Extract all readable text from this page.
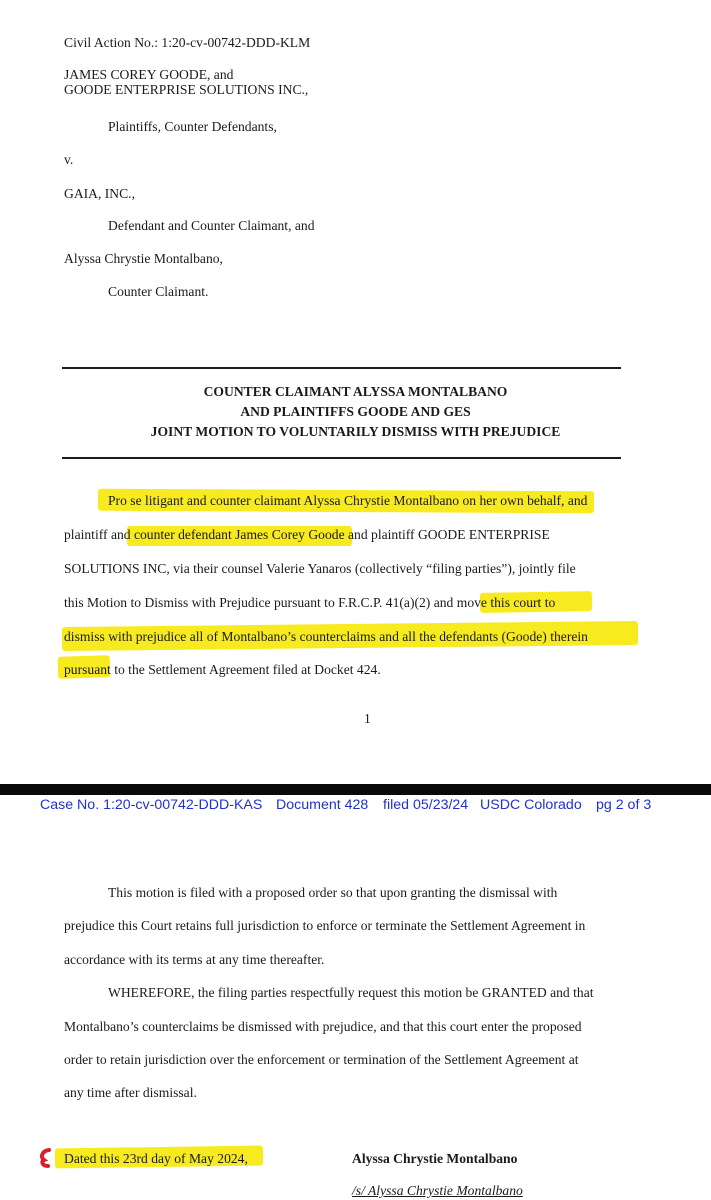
Civil Action No.: 1:20-cv-00742-DDD-KLM
JAMES COREY GOODE, and
GOODE ENTERPRISE SOLUTIONS INC.,
Plaintiffs, Counter Defendants,
v.
GAIA, INC.,
Defendant and Counter Claimant, and
Alyssa Chrystie Montalbano,
Counter Claimant.
COUNTER CLAIMANT ALYSSA MONTALBANO
AND PLAINTIFFS GOODE AND GES
JOINT MOTION TO VOLUNTARILY DISMISS WITH PREJUDICE
Pro se litigant and counter claimant Alyssa Chrystie Montalbano on her own behalf, and
plaintiff and counter defendant James Corey Goode and plaintiff GOODE ENTERPRISE
SOLUTIONS INC, via their counsel Valerie Yanaros (collectively “filing parties”), jointly file
this Motion to Dismiss with Prejudice pursuant to F.R.C.P. 41(a)(2) and move this court to
dismiss with prejudice all of Montalbano’s counterclaims and all the defendants (Goode) therein
pursuant to the Settlement Agreement filed at Docket 424.
1
Case No. 1:20-cv-00742-DDD-KAS Document 428 filed 05/23/24 USDC Colorado pg 2 of 3
This motion is filed with a proposed order so that upon granting the dismissal with
prejudice this Court retains full jurisdiction to enforce or terminate the Settlement Agreement in
accordance with its terms at any time thereafter.
WHEREFORE, the filing parties respectfully request this motion be GRANTED and that
Montalbano’s counterclaims be dismissed with prejudice, and that this court enter the proposed
order to retain jurisdiction over the enforcement or termination of the Settlement Agreement at
any time after dismissal.
Dated this 23rd day of May 2024,	Alyssa Chrystie Montalbano
/s/ Alyssa Chrystie Montalbano
